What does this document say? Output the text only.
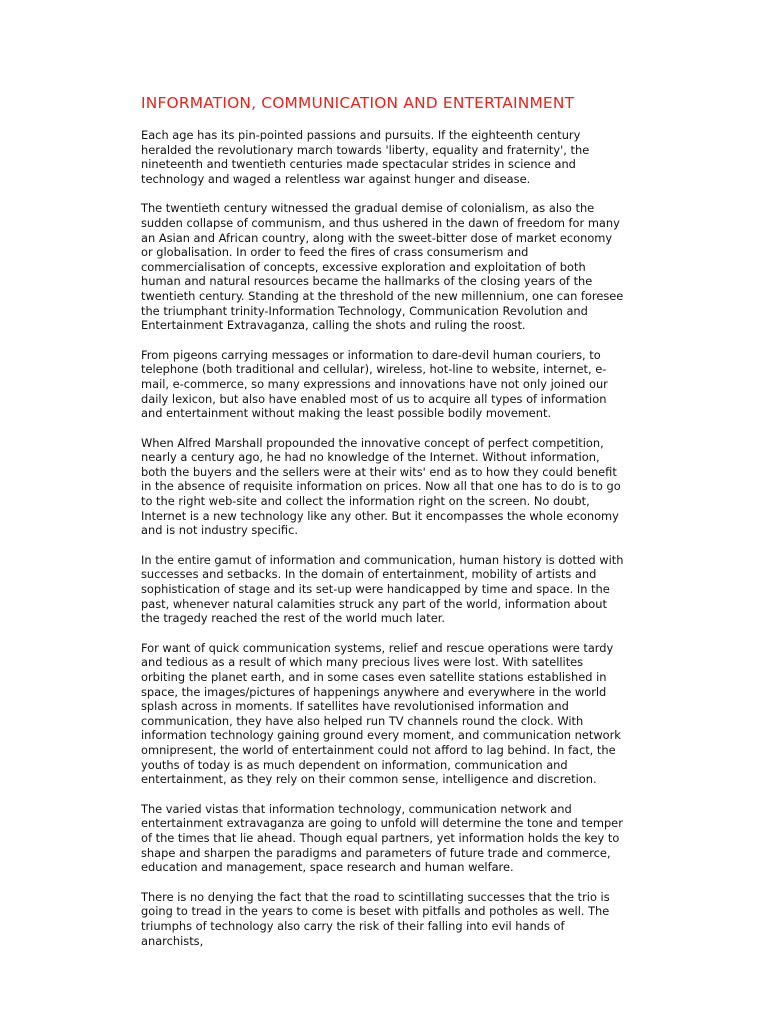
INFORMATION, COMMUNICATION AND ENTERTAINMENT

Each age has its pin-pointed passions and pursuits. If the eighteenth century heralded the revolutionary march towards 'liberty, equality and fraternity', the nineteenth and twentieth centuries made spectacular strides in science and technology and waged a relentless war against hunger and disease.

The twentieth century witnessed the gradual demise of colonialism, as also the sudden collapse of communism, and thus ushered in the dawn of freedom for many an Asian and African country, along with the sweet-bitter dose of market economy or globalisation. In order to feed the fires of crass consumerism and commercialisation of concepts, excessive exploration and exploitation of both human and natural resources became the hallmarks of the closing years of the twentieth century. Standing at the threshold of the new millennium, one can foresee the triumphant trinity-Information Technology, Communication Revolution and Entertainment Extravaganza, calling the shots and ruling the roost.

From pigeons carrying messages or information to dare-devil human couriers, to telephone (both traditional and cellular), wireless, hot-line to website, internet, e-mail, e-commerce, so many expressions and innovations have not only joined our daily lexicon, but also have enabled most of us to acquire all types of information and entertainment without making the least possible bodily movement.

When Alfred Marshall propounded the innovative concept of perfect competition, nearly a century ago, he had no knowledge of the Internet. Without information, both the buyers and the sellers were at their wits' end as to how they could benefit in the absence of requisite information on prices. Now all that one has to do is to go to the right web-site and collect the information right on the screen. No doubt, Internet is a new technology like any other. But it encompasses the whole economy and is not industry specific.

In the entire gamut of information and communication, human history is dotted with successes and setbacks. In the domain of entertainment, mobility of artists and sophistication of stage and its set-up were handicapped by time and space. In the past, whenever natural calamities struck any part of the world, information about the tragedy reached the rest of the world much later.

For want of quick communication systems, relief and rescue operations were tardy and tedious as a result of which many precious lives were lost. With satellites orbiting the planet earth, and in some cases even satellite stations established in space, the images/pictures of happenings anywhere and everywhere in the world splash across in moments. If satellites have revolutionised information and communication, they have also helped run TV channels round the clock. With information technology gaining ground every moment, and communication network omnipresent, the world of entertainment could not afford to lag behind. In fact, the youths of today is as much dependent on information, communication and entertainment, as they rely on their common sense, intelligence and discretion.

The varied vistas that information technology, communication network and entertainment extravaganza are going to unfold will determine the tone and temper of the times that lie ahead. Though equal partners, yet information holds the key to shape and sharpen the paradigms and parameters of future trade and commerce, education and management, space research and human welfare.

There is no denying the fact that the road to scintillating successes that the trio is going to tread in the years to come is beset with pitfalls and potholes as well. The triumphs of technology also carry the risk of their falling into evil hands of anarchists,
